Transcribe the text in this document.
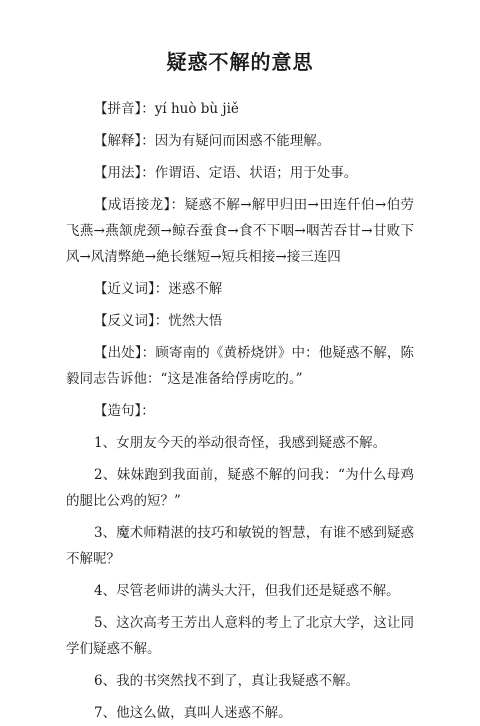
疑惑不解的意思

【拼音】：yí huò bù jiě

【解释】：因为有疑问而困惑不能理解。

【用法】：作谓语、定语、状语；用于处事。

【成语接龙】：疑惑不解→解甲归田→田连仟伯→伯劳飞燕→燕颔虎颈→鲸吞蚕食→食不下咽→咽苦吞甘→甘败下风→风清弊絶→絶长继短→短兵相接→接三连四

【近义词】：迷惑不解

【反义词】：恍然大悟

【出处】：顾寄南的《黄桥烧饼》中：他疑惑不解，陈毅同志告诉他：“这是准备给俘虏吃的。”

【造句】：

1、女朋友今天的举动很奇怪，我感到疑惑不解。

2、妹妹跑到我面前，疑惑不解的问我：“为什么母鸡的腿比公鸡的短？”

3、魔术师精湛的技巧和敏锐的智慧，有谁不感到疑惑不解呢？

4、尽管老师讲的满头大汗，但我们还是疑惑不解。

5、这次高考王芳出人意料的考上了北京大学，这让同学们疑惑不解。

6、我的书突然找不到了，真让我疑惑不解。

7、他这么做，真叫人迷惑不解。
